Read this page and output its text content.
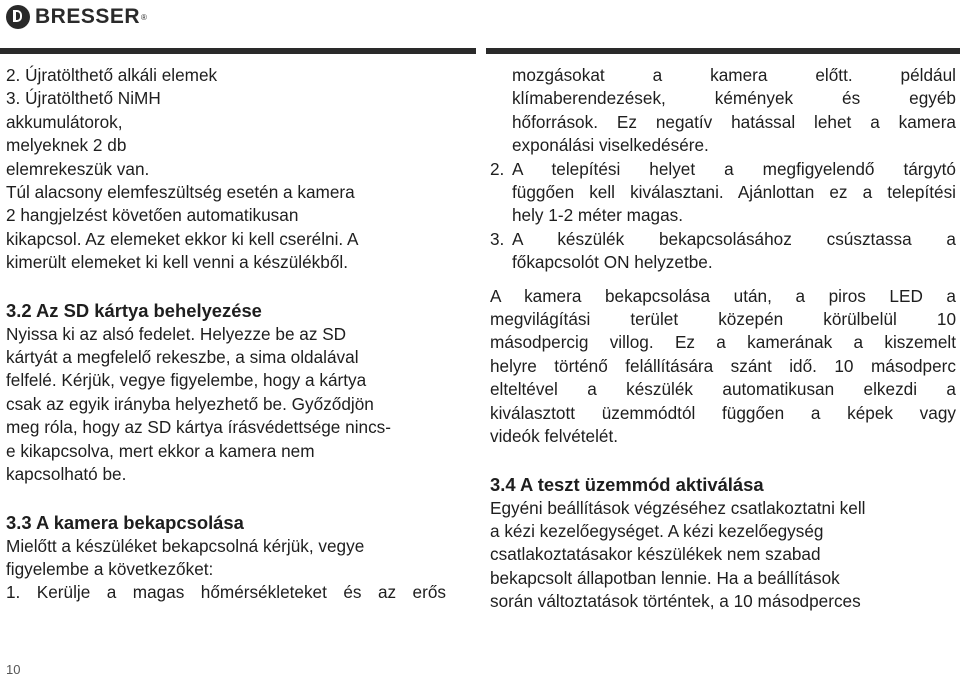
BRESSER ®

2. Újratölthető alkáli elemek

3. Újratölthető NiMH

akkumulátorok,

melyeknek 2 db

elemrekeszük van.

Túl alacsony elemfeszültség esetén a kamera

2 hangjelzést követően automatikusan

kikapcsol. Az elemeket ekkor ki kell cserélni. A

kimerült elemeket ki kell venni a készülékből.

3.2 Az SD kártya behelyezése

Nyissa ki az alsó fedelet. Helyezze be az SD

kártyát a megfelelő rekeszbe, a sima oldalával

felfelé. Kérjük, vegye figyelembe, hogy a kártya

csak az egyik irányba helyezhető be. Győződjön

meg róla, hogy az SD kártya írásvédettsége nincs-

e kikapcsolva, mert ekkor a kamera nem

kapcsolható be.

3.3 A kamera bekapcsolása

Mielőtt a készüléket bekapcsolná kérjük, vegye

figyelembe a következőket:

1. Kerülje a magas hőmérsékleteket és az erős

mozgásokat a kamera előtt. például

klímaberendezések, kémények és egyéb

hőforrások. Ez negatív hatással lehet a kamera

exponálási viselkedésére.

2. A telepítési helyet a megfigyelendő tárgytó

függően kell kiválasztani. Ajánlottan ez a telepítési

hely 1-2 méter magas.

3. A készülék bekapcsolásához csúsztassa a

főkapcsolót ON helyzetbe.

A kamera bekapcsolása után, a piros LED a

megvilágítási terület közepén körülbelül 10

másodpercig villog. Ez a kamerának a kiszemelt

helyre történő felállítására szánt idő. 10 másodperc

elteltével a készülék automatikusan elkezdi a

kiválasztott üzemmódtól függően a képek vagy

videók felvételét.

3.4 A teszt üzemmód aktiválása

Egyéni beállítások végzéséhez csatlakoztatni kell

a kézi kezelőegységet. A kézi kezelőegység

csatlakoztatásakor készülékek nem szabad

bekapcsolt állapotban lennie. Ha a beállítások

során változtatások történtek, a 10 másodperces

10
